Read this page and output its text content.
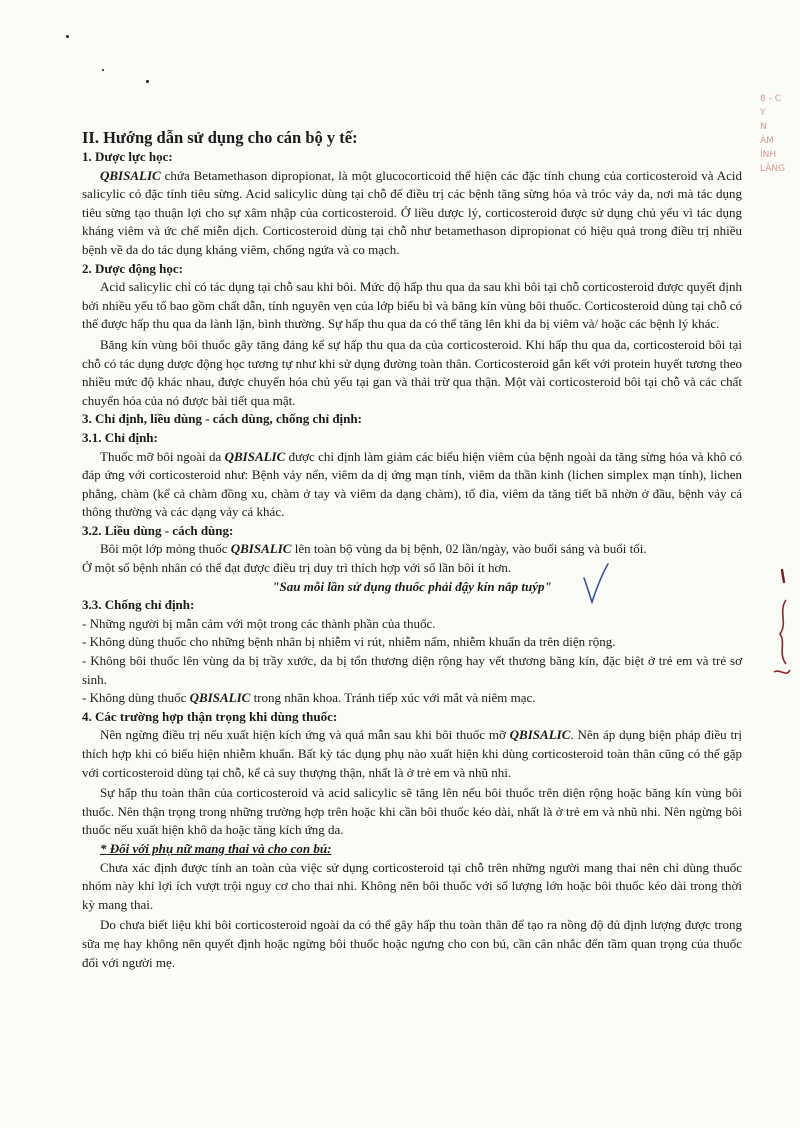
8 - C
Y
N
ÀM
ÍNH
LÂNG

II. Hướng dẫn sử dụng cho cán bộ y tế:

1. Dược lực học:

QBISALIC chứa Betamethason dipropionat, là một glucocorticoid thể hiện các đặc tính chung của corticosteroid và Acid salicylic có đặc tính tiêu sừng. Acid salicylic dùng tại chỗ để điều trị các bệnh tăng sừng hóa và tróc vảy da, nơi mà tác dụng tiêu sừng tạo thuận lợi cho sự xâm nhập của corticosteroid. Ở liều dược lý, corticosteroid được sử dụng chủ yếu vì tác dụng kháng viêm và ức chế miễn dịch. Corticosteroid dùng tại chỗ như betamethason dipropionat có hiệu quả trong điều trị nhiều bệnh về da do tác dụng kháng viêm, chống ngứa và co mạch.

2. Dược động học:

Acid salicylic chỉ có tác dụng tại chỗ sau khi bôi. Mức độ hấp thu qua da sau khi bôi tại chỗ corticosteroid được quyết định bởi nhiều yếu tố bao gồm chất dẫn, tính nguyên vẹn của lớp biểu bì và băng kín vùng bôi thuốc. Corticosteroid dùng tại chỗ có thể được hấp thu qua da lành lặn, bình thường. Sự hấp thu qua da có thể tăng lên khi da bị viêm và/ hoặc các bệnh lý khác.

Băng kín vùng bôi thuốc gây tăng đáng kể sự hấp thu qua da của corticosteroid. Khi hấp thu qua da, corticosteroid bôi tại chỗ có tác dụng dược động học tương tự như khi sử dụng đường toàn thân. Corticosteroid gắn kết với protein huyết tương theo nhiều mức độ khác nhau, được chuyển hóa chủ yếu tại gan và thải trừ qua thận. Một vài corticosteroid bôi tại chỗ và các chất chuyển hóa của nó được bài tiết qua mật.

3. Chỉ định, liều dùng - cách dùng, chống chỉ định:

3.1. Chỉ định:

Thuốc mỡ bôi ngoài da QBISALIC được chỉ định làm giảm các biểu hiện viêm của bệnh ngoài da tăng sừng hóa và khô có đáp ứng với corticosteroid như: Bệnh vảy nến, viêm da dị ứng mạn tính, viêm da thần kinh (lichen simplex mạn tính), lichen phẳng, chàm (kể cả chàm đồng xu, chàm ở tay và viêm da dạng chàm), tổ đỉa, viêm da tăng tiết bã nhờn ở đầu, bệnh vảy cá thông thường và các dạng vảy cá khác.

3.2. Liều dùng - cách dùng:

Bôi một lớp mỏng thuốc QBISALIC lên toàn bộ vùng da bị bệnh, 02 lần/ngày, vào buổi sáng và buổi tối.

Ở một số bệnh nhân có thể đạt được điều trị duy trì thích hợp với số lần bôi ít hơn.

"Sau mỗi lần sử dụng thuốc phải đậy kín nắp tuýp"

3.3. Chống chỉ định:

- Những người bị mẫn cảm với một trong các thành phần của thuốc.

- Không dùng thuốc cho những bệnh nhân bị nhiễm vi rút, nhiễm nấm, nhiễm khuẩn da trên diện rộng.

- Không bôi thuốc lên vùng da bị trầy xước, da bị tổn thương diện rộng hay vết thương băng kín, đặc biệt ở trẻ em và trẻ sơ sinh.

- Không dùng thuốc QBISALIC trong nhãn khoa. Tránh tiếp xúc với mắt và niêm mạc.

4. Các trường hợp thận trọng khi dùng thuốc:

Nên ngừng điều trị nếu xuất hiện kích ứng và quá mẫn sau khi bôi thuốc mỡ QBISALIC. Nên áp dụng biện pháp điều trị thích hợp khi có biểu hiện nhiễm khuẩn. Bất kỳ tác dụng phụ nào xuất hiện khi dùng corticosteroid toàn thân cũng có thể gặp với corticosteroid dùng tại chỗ, kể cả suy thượng thận, nhất là ở trẻ em và nhũ nhi.

Sự hấp thu toàn thân của corticosteroid và acid salicylic sẽ tăng lên nếu bôi thuốc trên diện rộng hoặc băng kín vùng bôi thuốc. Nên thận trọng trong những trường hợp trên hoặc khi cần bôi thuốc kéo dài, nhất là ở trẻ em và nhũ nhi. Nên ngừng bôi thuốc nếu xuất hiện khô da hoặc tăng kích ứng da.

* Đối với phụ nữ mang thai và cho con bú:

Chưa xác định được tính an toàn của việc sử dụng corticosteroid tại chỗ trên những người mang thai nên chỉ dùng thuốc nhóm này khi lợi ích vượt trội nguy cơ cho thai nhi. Không nên bôi thuốc với số lượng lớn hoặc bôi thuốc kéo dài trong thời kỳ mang thai.

Do chưa biết liệu khi bôi corticosteroid ngoài da có thể gây hấp thu toàn thân để tạo ra nồng độ đủ định lượng được trong sữa mẹ hay không nên quyết định hoặc ngừng bôi thuốc hoặc ngưng cho con bú, cần cân nhắc đến tầm quan trọng của thuốc đối với người mẹ.
